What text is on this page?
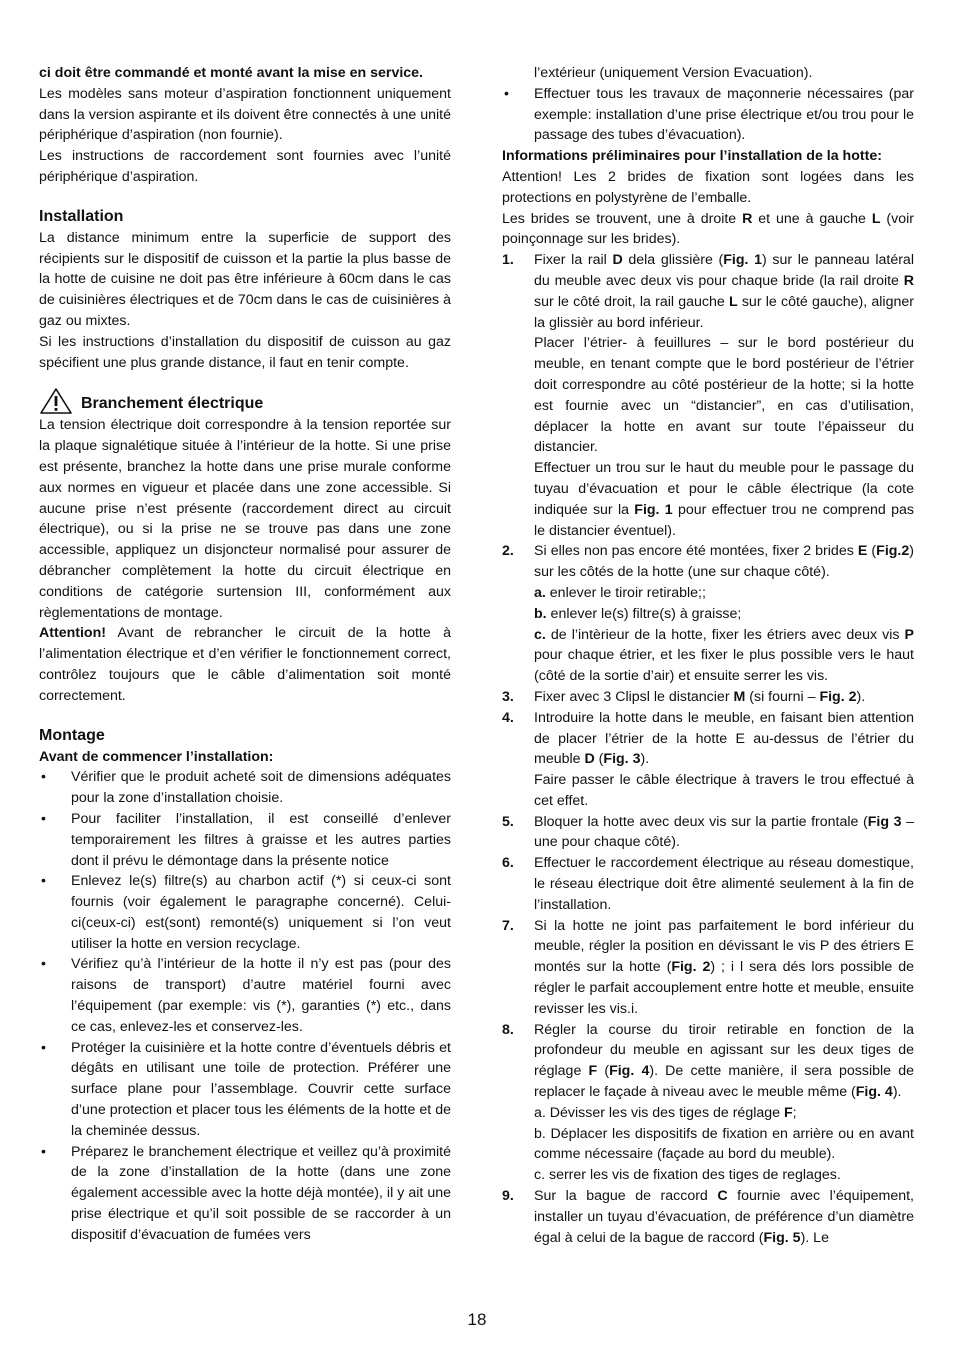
ci doit être commandé et monté avant la mise en service.

Les modèles sans moteur d’aspiration fonctionnent uniquement dans la version aspirante et ils doivent être connectés à une unité périphérique d’aspiration (non fournie).

Les instructions de raccordement sont fournies avec l’unité périphérique d’aspiration.

Installation

La distance minimum entre la superficie de support des récipients sur le dispositif de cuisson et la partie la plus basse de la hotte de cuisine ne doit pas être inférieure à 60cm dans le cas de cuisinières électriques et de 70cm dans le cas de cuisinières à gaz ou mixtes.

Si les instructions d’installation du dispositif de cuisson au gaz spécifient une plus grande distance, il faut en tenir compte.

Branchement électrique

La tension électrique doit correspondre à la tension reportée sur la plaque signalétique située à l’intérieur de la hotte. Si une prise est présente, branchez la hotte dans une prise murale conforme aux normes en vigueur et placée dans une zone accessible. Si aucune prise n’est présente (raccordement direct au circuit électrique), ou si la prise ne se trouve pas dans une zone accessible, appliquez un disjoncteur normalisé pour assurer de débrancher complètement la hotte du circuit électrique en conditions de catégorie surtension III, conformément aux règlementations de montage.

Attention! Avant de rebrancher le circuit de la hotte à l’alimentation électrique et d’en vérifier le fonctionnement correct, contrôlez toujours que le câble d’alimentation soit monté correctement.

Montage

Avant de commencer l’installation:

• Vérifier que le produit acheté soit de dimensions adéquates pour la zone d’installation choisie.
• Pour faciliter l’installation, il est conseillé d’enlever temporairement les filtres à graisse et les autres parties dont il prévu le démontage dans la présente notice
• Enlevez le(s) filtre(s) au charbon actif (*) si ceux-ci sont fournis (voir également le paragraphe concerné). Celui-ci(ceux-ci) est(sont) remonté(s) uniquement si l’on veut utiliser la hotte en version recyclage.
• Vérifiez qu’à l’intérieur de la hotte il n’y est pas (pour des raisons de transport) d’autre matériel fourni avec l’équipement (par exemple: vis (*), garanties (*) etc., dans ce cas, enlevez-les et conservez-les.
• Protéger la cuisinière et la hotte contre d’éventuels débris et dégâts en utilisant une toile de protection. Préférer une surface plane pour l’assemblage. Couvrir cette surface d’une protection et placer tous les éléments de la hotte et de la cheminée dessus.
• Préparez le branchement électrique et veillez qu’à proximité de la zone d’installation de la hotte (dans une zone également accessible avec la hotte déjà montée), il y ait une prise électrique et qu’il soit possible de se raccorder à un dispositif d’évacuation de fumées vers

l’extérieur (uniquement Version Evacuation).

• Effectuer tous les travaux de maçonnerie nécessaires (par exemple: installation d’une prise électrique et/ou trou pour le passage des tubes d’évacuation).

Informations préliminaires pour l’installation de la hotte:

Attention! Les 2 brides de fixation sont logées dans les protections en polystyrène de l’emballe.

Les brides se trouvent, une à droite R et une à gauche L (voir poinçonnage sur les brides).

1. Fixer la rail D dela glissière (Fig. 1) sur le panneau latéral du meuble avec deux vis pour chaque bride (la rail droite R sur le côté droit, la rail gauche L sur le côté gauche), aligner la glissièr au bord inférieur.

Placer l’étrier- à feuillures – sur le bord postérieur du meuble, en tenant compte que le bord postérieur de l’étrier doit correspondre au côté postérieur de la hotte; si la hotte est fournie avec un “distancier”, en cas d’utilisation, déplacer la hotte en avant sur toute l’épaisseur du distancier.

Effectuer un trou sur le haut du meuble pour le passage du tuyau d’évacuation et pour le câble électrique (la cote indiquée sur la Fig. 1 pour effectuer trou ne comprend pas le distancier éventuel).

2. Si elles non pas encore été montées, fixer 2 brides E (Fig.2) sur les côtés de la hotte (une sur chaque côté).

a. enlever le tiroir retirable;;

b. enlever le(s) filtre(s) à graisse;

c. de l’intèrieur de la hotte, fixer les étriers avec deux vis P pour chaque étrier, et les fixer le plus possible vers le haut (côté de la sortie d’air) et ensuite serrer les vis.

3. Fixer avec 3 Clipsl le distancier M (si fourni – Fig. 2).

4. Introduire la hotte dans le meuble, en faisant bien attention de placer l’étrier de la hotte E au-dessus de l’étrier du meuble D (Fig. 3).

Faire passer le câble électrique à travers le trou effectué à cet effet.

5. Bloquer la hotte avec deux vis sur la partie frontale (Fig 3 – une pour chaque côté).

6. Effectuer le raccordement électrique au réseau domestique, le réseau électrique doit être alimenté seulement à la fin de l’installation.

7. Si la hotte ne joint pas parfaitement le bord inférieur du meuble, régler la position en dévissant le vis P des étriers E montés sur la hotte (Fig. 2) ; i l sera dés lors possible de régler le parfait accouplement entre hotte et meuble, ensuite revisser les vis.i.

8. Régler la course du tiroir retirable en fonction de la profondeur du meuble en agissant sur les deux tiges de réglage F (Fig. 4). De cette manière, il sera possible de replacer le façade à niveau avec le meuble même (Fig. 4).

a. Dévisser les vis des tiges de réglage F;

b. Déplacer les dispositifs de fixation en arrière ou en avant comme nécessaire (façade au bord du meuble).

c. serrer les vis de fixation des tiges de reglages.

9. Sur la bague de raccord C fournie avec l’équipement, installer un tuyau d’évacuation, de préférence d’un diamètre égal à celui de la bague de raccord (Fig. 5). Le

18
